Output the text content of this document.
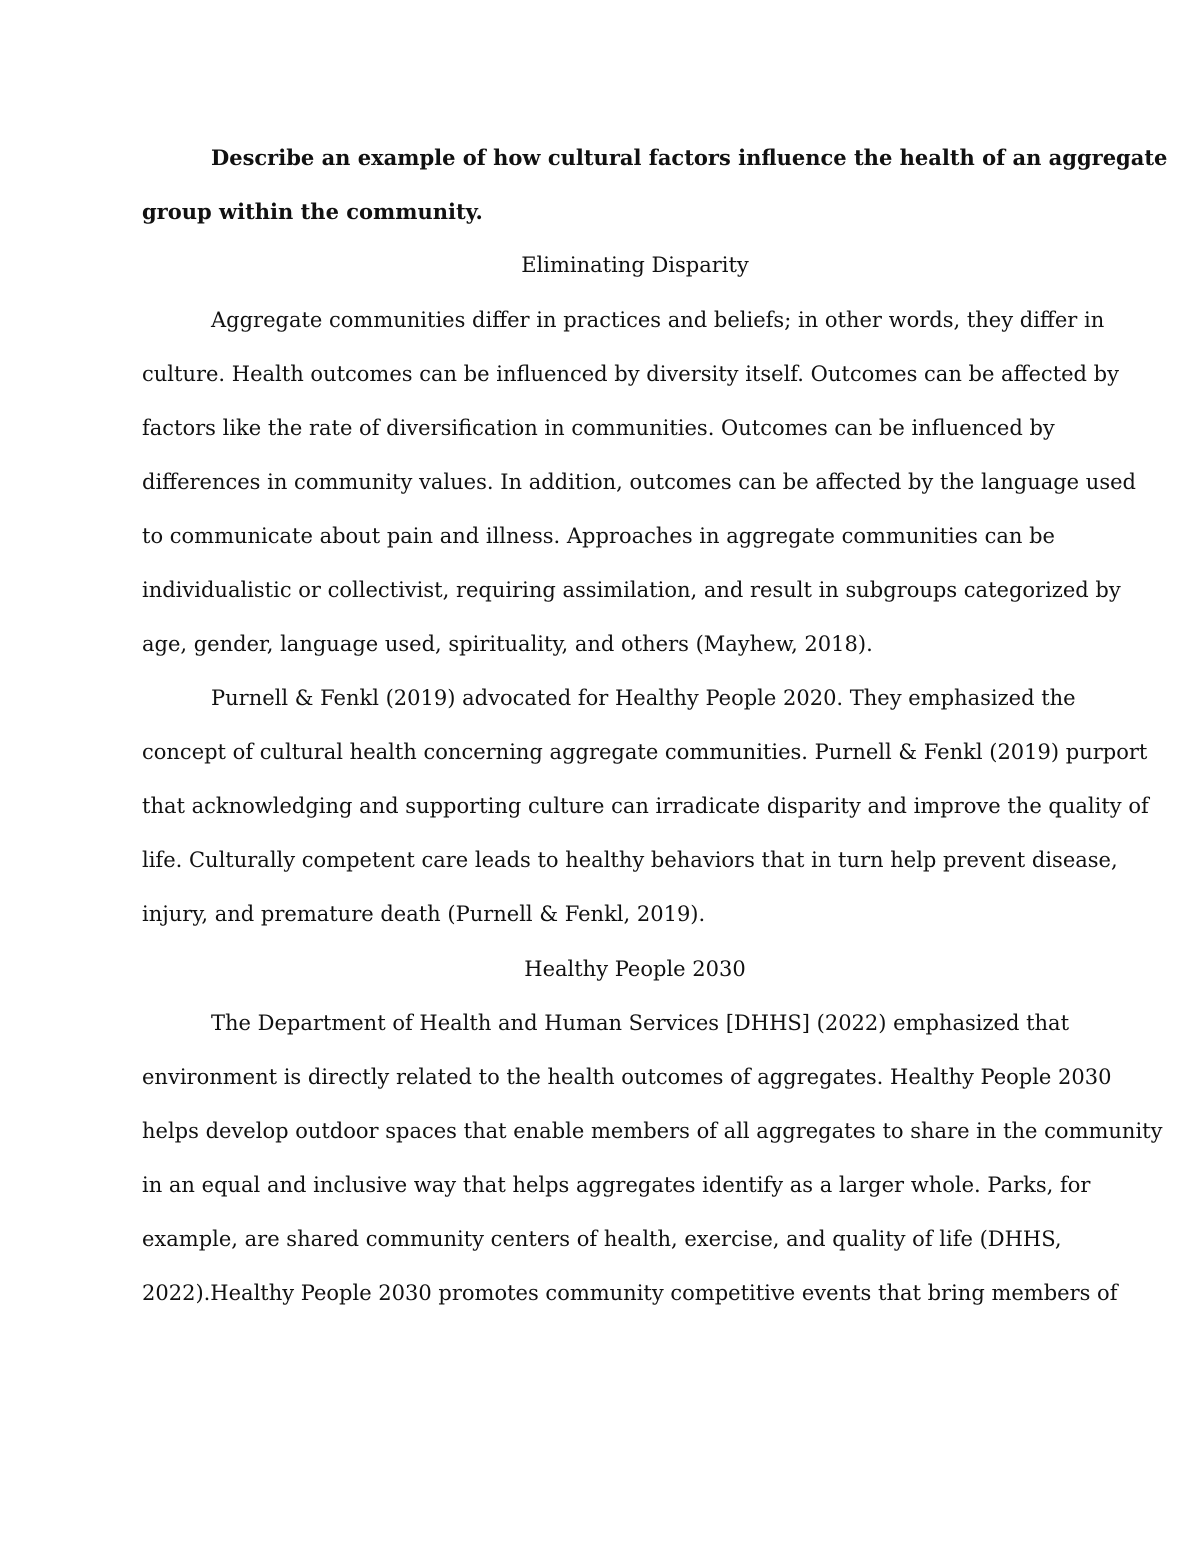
Describe an example of how cultural factors influence the health of an aggregate
group within the community.
Eliminating Disparity
Aggregate communities differ in practices and beliefs; in other words, they differ in
culture. Health outcomes can be influenced by diversity itself. Outcomes can be affected by
factors like the rate of diversification in communities. Outcomes can be influenced by
differences in community values. In addition, outcomes can be affected by the language used
to communicate about pain and illness. Approaches in aggregate communities can be
individualistic or collectivist, requiring assimilation, and result in subgroups categorized by
age, gender, language used, spirituality, and others (Mayhew, 2018).
Purnell & Fenkl (2019) advocated for Healthy People 2020. They emphasized the
concept of cultural health concerning aggregate communities. Purnell & Fenkl (2019) purport
that acknowledging and supporting culture can irradicate disparity and improve the quality of
life. Culturally competent care leads to healthy behaviors that in turn help prevent disease,
injury, and premature death (Purnell & Fenkl, 2019).
Healthy People 2030
The Department of Health and Human Services [DHHS] (2022) emphasized that
environment is directly related to the health outcomes of aggregates. Healthy People 2030
helps develop outdoor spaces that enable members of all aggregates to share in the community
in an equal and inclusive way that helps aggregates identify as a larger whole. Parks, for
example, are shared community centers of health, exercise, and quality of life (DHHS,
2022).Healthy People 2030 promotes community competitive events that bring members of
